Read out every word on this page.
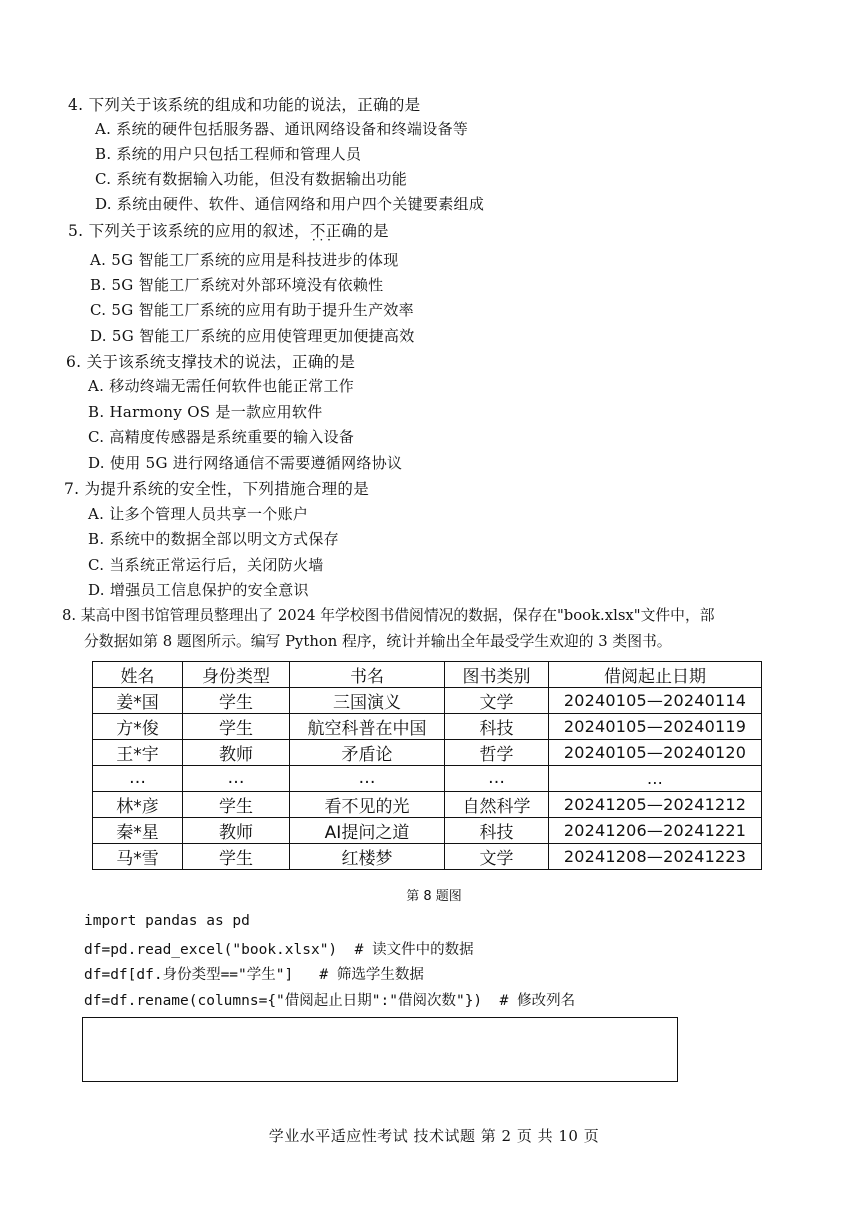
4. 下列关于该系统的组成和功能的说法，正确的是
A. 系统的硬件包括服务器、通讯网络设备和终端设备等
B. 系统的用户只包括工程师和管理人员
C. 系统有数据输入功能，但没有数据输出功能
D. 系统由硬件、软件、通信网络和用户四个关键要素组成
5. 下列关于该系统的应用的叙述，不正确 · · ·的是
A. 5G 智能工厂系统的应用是科技进步的体现
B. 5G 智能工厂系统对外部环境没有依赖性
C. 5G 智能工厂系统的应用有助于提升生产效率
D. 5G 智能工厂系统的应用使管理更加便捷高效
6. 关于该系统支撑技术的说法，正确的是
A. 移动终端无需任何软件也能正常工作
B. Harmony OS 是一款应用软件
C. 高精度传感器是系统重要的输入设备
D. 使用 5G 进行网络通信不需要遵循网络协议
7. 为提升系统的安全性，下列措施合理的是
A. 让多个管理人员共享一个账户
B. 系统中的数据全部以明文方式保存
C. 当系统正常运行后，关闭防火墙
D. 增强员工信息保护的安全意识
8. 某高中图书馆管理员整理出了 2024 年学校图书借阅情况的数据，保存在"book.xlsx"文件中，部
分数据如第 8 题图所示。编写 Python 程序，统计并输出全年最受学生欢迎的 3 类图书。
姓名	身份类型	书名	图书类别	借阅起止日期
姜*国	学生	三国演义	文学	20240105—20240114
方*俊	学生	航空科普在中国	科技	20240105—20240119
王*宇	教师	矛盾论	哲学	20240105—20240120
…	…	…	…	…
林*彦	学生	看不见的光	自然科学	20241205—20241212
秦*星	教师	AI提问之道	科技	20241206—20241221
马*雪	学生	红楼梦	文学	20241208—20241223
第 8 题图
import pandas as pd
df=pd.read_excel("book.xlsx")  # 读文件中的数据
df=df[df.身份类型=="学生"]   # 筛选学生数据
df=df.rename(columns={"借阅起止日期":"借阅次数"})  # 修改列名
学业水平适应性考试 技术试题 第 2 页 共 10 页
